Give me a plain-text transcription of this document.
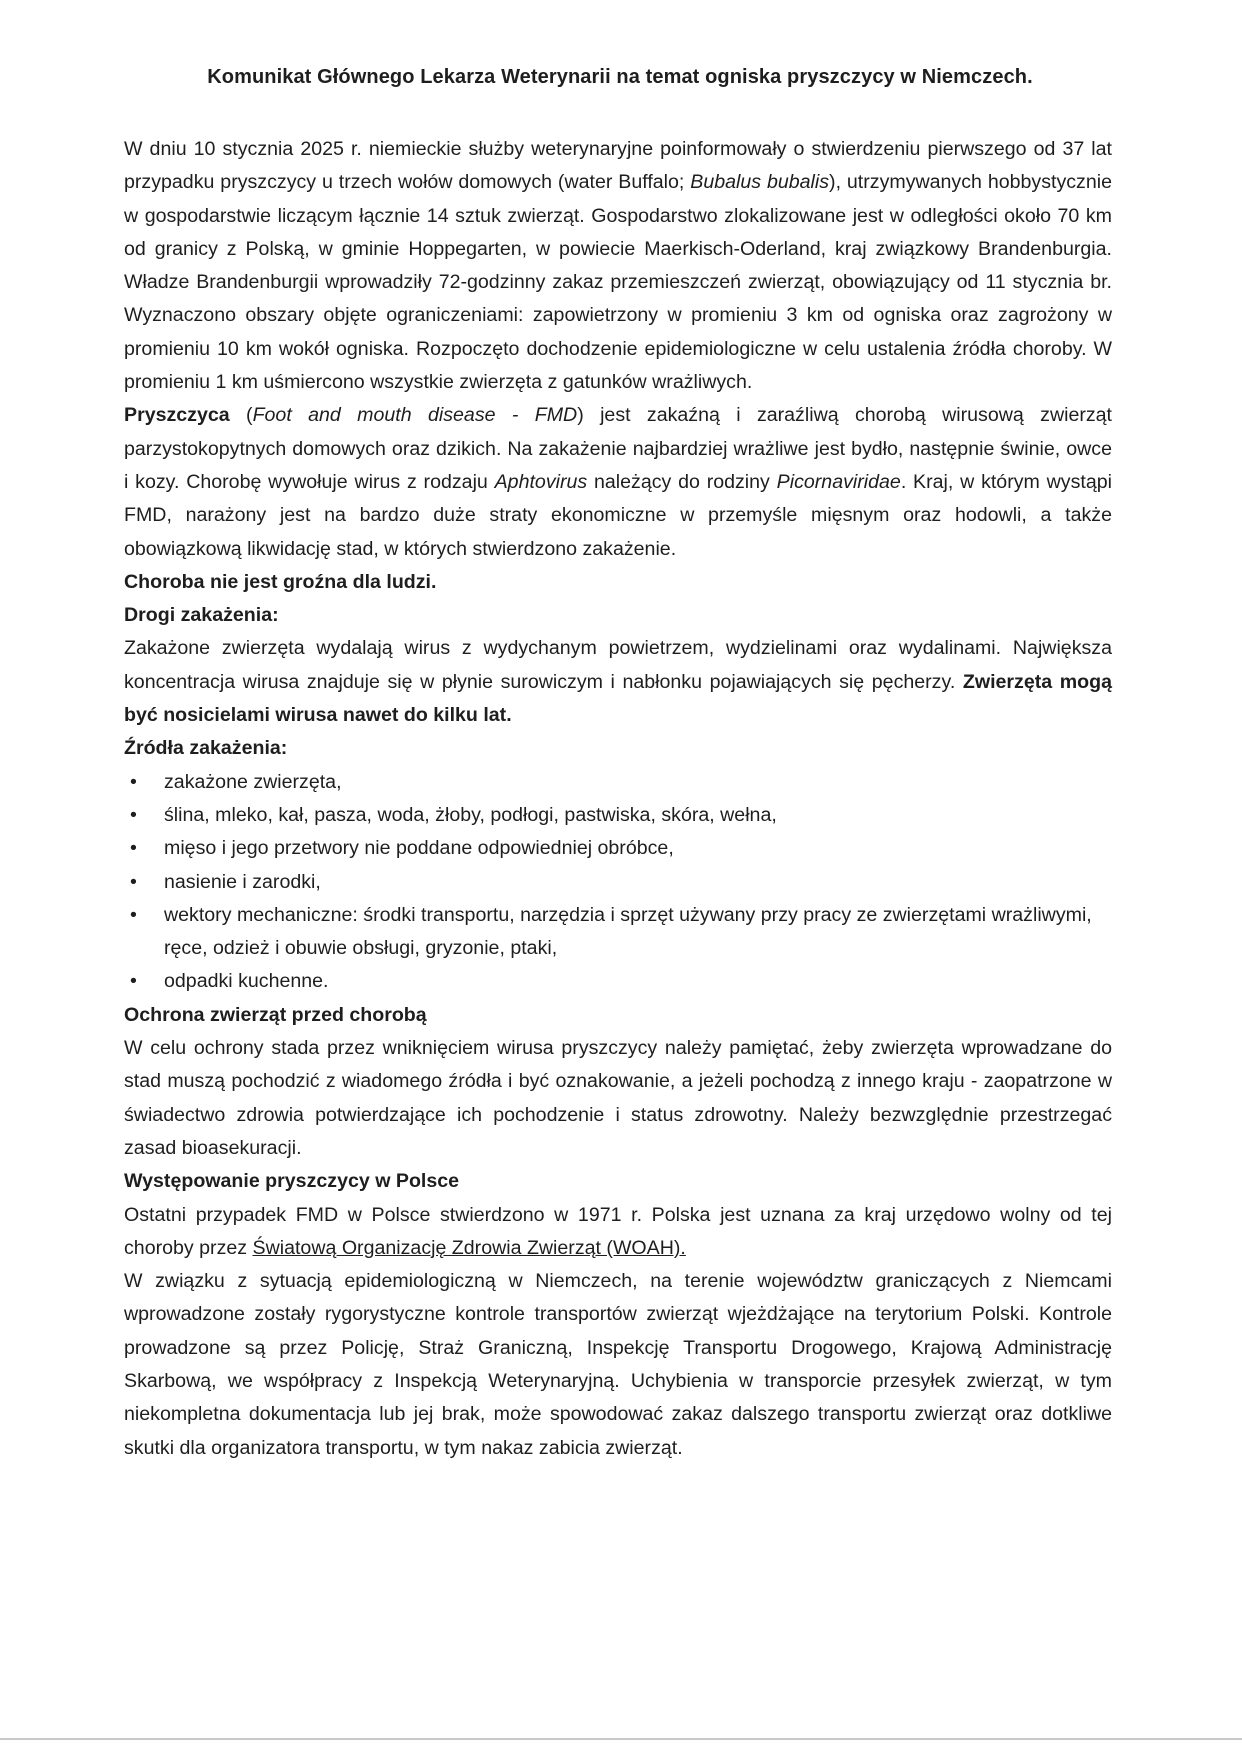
Komunikat Głównego Lekarza Weterynarii na temat ogniska pryszczycy w Niemczech.

W dniu 10 stycznia 2025 r. niemieckie służby weterynaryjne poinformowały o stwierdzeniu pierwszego od 37 lat przypadku pryszczycy u trzech wołów domowych (water Buffalo; Bubalus bubalis), utrzymywanych hobbystycznie w gospodarstwie liczącym łącznie 14 sztuk zwierząt. Gospodarstwo zlokalizowane jest w odległości około 70 km od granicy z Polską, w gminie Hoppegarten, w powiecie Maerkisch-Oderland, kraj związkowy Brandenburgia. Władze Brandenburgii wprowadziły 72-godzinny zakaz przemieszczeń zwierząt, obowiązujący od 11 stycznia br. Wyznaczono obszary objęte ograniczeniami: zapowietrzony w promieniu 3 km od ogniska oraz zagrożony w promieniu 10 km wokół ogniska. Rozpoczęto dochodzenie epidemiologiczne w celu ustalenia źródła choroby. W promieniu 1 km uśmiercono wszystkie zwierzęta z gatunków wrażliwych.

Pryszczyca (Foot and mouth disease - FMD) jest zakaźną i zaraźliwą chorobą wirusową zwierząt parzystokopytnych domowych oraz dzikich. Na zakażenie najbardziej wrażliwe jest bydło, następnie świnie, owce i kozy. Chorobę wywołuje wirus z rodzaju Aphtovirus należący do rodziny Picornaviridae. Kraj, w którym wystąpi FMD, narażony jest na bardzo duże straty ekonomiczne w przemyśle mięsnym oraz hodowli, a także obowiązkową likwidację stad, w których stwierdzono zakażenie.

Choroba nie jest groźna dla ludzi.

Drogi zakażenia:

Zakażone zwierzęta wydalają wirus z wydychanym powietrzem, wydzielinami oraz wydalinami. Największa koncentracja wirusa znajduje się w płynie surowiczym i nabłonku pojawiających się pęcherzy. Zwierzęta mogą być nosicielami wirusa nawet do kilku lat.

Źródła zakażenia:

• zakażone zwierzęta,
• ślina, mleko, kał, pasza, woda, żłoby, podłogi, pastwiska, skóra, wełna,
• mięso i jego przetwory nie poddane odpowiedniej obróbce,
• nasienie i zarodki,
• wektory mechaniczne: środki transportu, narzędzia i sprzęt używany przy pracy ze zwierzętami wrażliwymi, ręce, odzież i obuwie obsługi, gryzonie, ptaki,
• odpadki kuchenne.

Ochrona zwierząt przed chorobą

W celu ochrony stada przez wniknięciem wirusa pryszczycy należy pamiętać, żeby zwierzęta wprowadzane do stad muszą pochodzić z wiadomego źródła i być oznakowanie, a jeżeli pochodzą z innego kraju - zaopatrzone w świadectwo zdrowia potwierdzające ich pochodzenie i status zdrowotny. Należy bezwzględnie przestrzegać zasad bioasekuracji.

Występowanie pryszczycy w Polsce

Ostatni przypadek FMD w Polsce stwierdzono w 1971 r. Polska jest uznana za kraj urzędowo wolny od tej choroby przez Światową Organizację Zdrowia Zwierząt (WOAH).

W związku z sytuacją epidemiologiczną w Niemczech, na terenie województw graniczących z Niemcami wprowadzone zostały rygorystyczne kontrole transportów zwierząt wjeżdżające na terytorium Polski. Kontrole prowadzone są przez Policję, Straż Graniczną, Inspekcję Transportu Drogowego, Krajową Administrację Skarbową, we współpracy z Inspekcją Weterynaryjną. Uchybienia w transporcie przesyłek zwierząt, w tym niekompletna dokumentacja lub jej brak, może spowodować zakaz dalszego transportu zwierząt oraz dotkliwe skutki dla organizatora transportu, w tym nakaz zabicia zwierząt.
